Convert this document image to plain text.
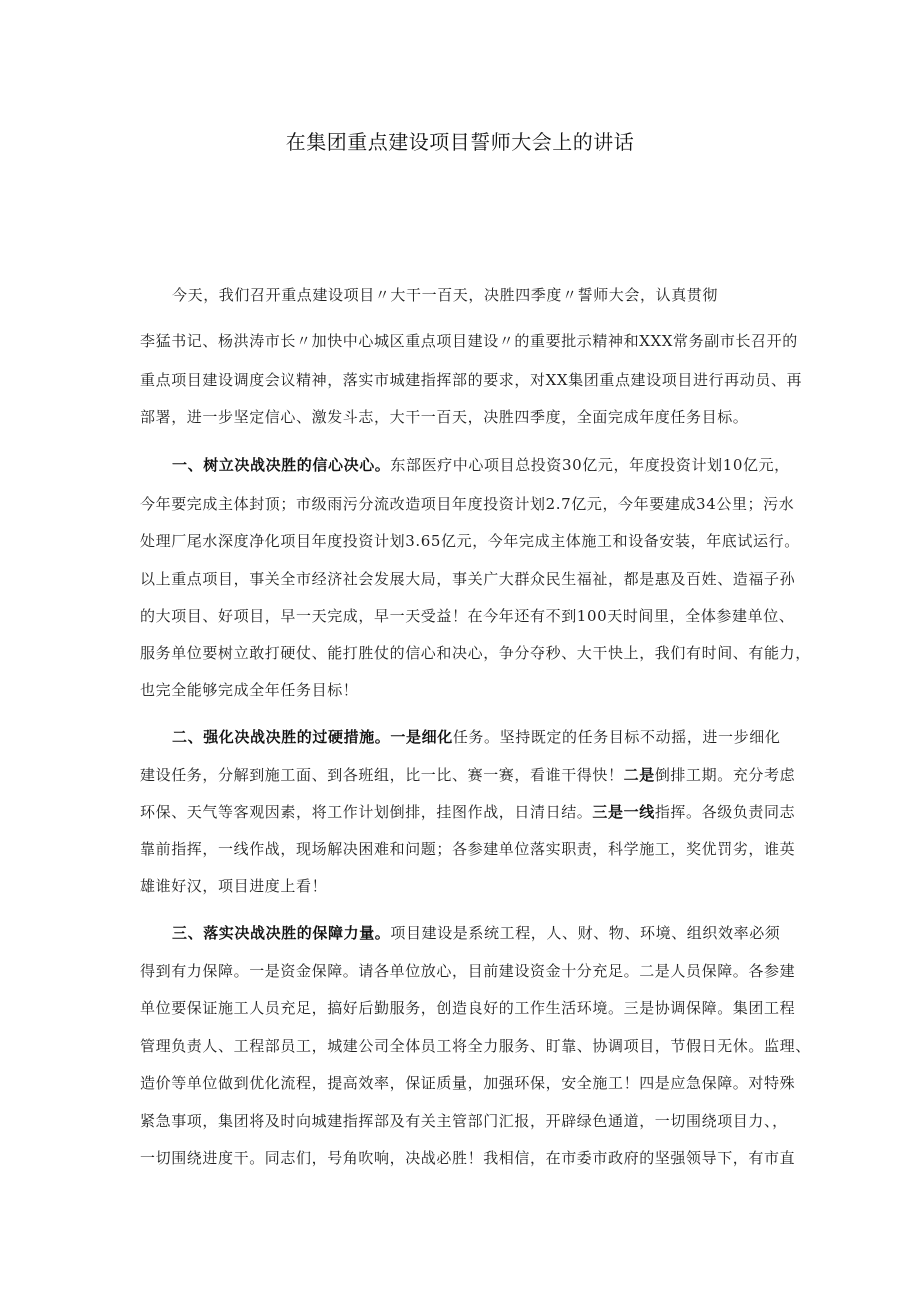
在集团重点建设项目誓师大会上的讲话
今天，我们召开重点建设项目〃大干一百天，决胜四季度〃誓师大会，认真贯彻
李猛书记、杨洪涛市长〃加快中心城区重点项目建设〃的重要批示精神和XXX常务副市长召开的
重点项目建设调度会议精神，落实市城建指挥部的要求，对XX集团重点建设项目进行再动员、再
部署，进一步坚定信心、激发斗志，大干一百天，决胜四季度，全面完成年度任务目标。
一、树立决战决胜的信心决心。东部医疗中心项目总投资30亿元，年度投资计划10亿元，
今年要完成主体封顶；市级雨污分流改造项目年度投资计划2.7亿元，今年要建成34公里；污水
处理厂尾水深度净化项目年度投资计划3.65亿元，今年完成主体施工和设备安装，年底试运行。
以上重点项目，事关全市经济社会发展大局，事关广大群众民生福祉，都是惠及百姓、造福子孙
的大项目、好项目，早一天完成，早一天受益！在今年还有不到100天时间里，全体参建单位、
服务单位要树立敢打硬仗、能打胜仗的信心和决心，争分夺秒、大干快上，我们有时间、有能力，
也完全能够完成全年任务目标！
二、强化决战决胜的过硬措施。一是细化任务。坚持既定的任务目标不动摇，进一步细化
建设任务，分解到施工面、到各班组，比一比、赛一赛，看谁干得快！二是倒排工期。充分考虑
环保、天气等客观因素，将工作计划倒排，挂图作战，日清日结。三是一线指挥。各级负责同志
靠前指挥，一线作战，现场解决困难和问题；各参建单位落实职责，科学施工，奖优罚劣，谁英
雄谁好汉，项目进度上看！
三、落实决战决胜的保障力量。项目建设是系统工程，人、财、物、环境、组织效率必须
得到有力保障。一是资金保障。请各单位放心，目前建设资金十分充足。二是人员保障。各参建
单位要保证施工人员充足，搞好后勤服务，创造良好的工作生活环境。三是协调保障。集团工程
管理负责人、工程部员工，城建公司全体员工将全力服务、盯靠、协调项目，节假日无休。监理、
造价等单位做到优化流程，提高效率，保证质量，加强环保，安全施工！四是应急保障。对特殊
紧急事项，集团将及时向城建指挥部及有关主管部门汇报，开辟绿色通道，一切围绕项目力、，
一切围绕进度干。同志们，号角吹响，决战必胜！我相信，在市委市政府的坚强领导下，有市直
